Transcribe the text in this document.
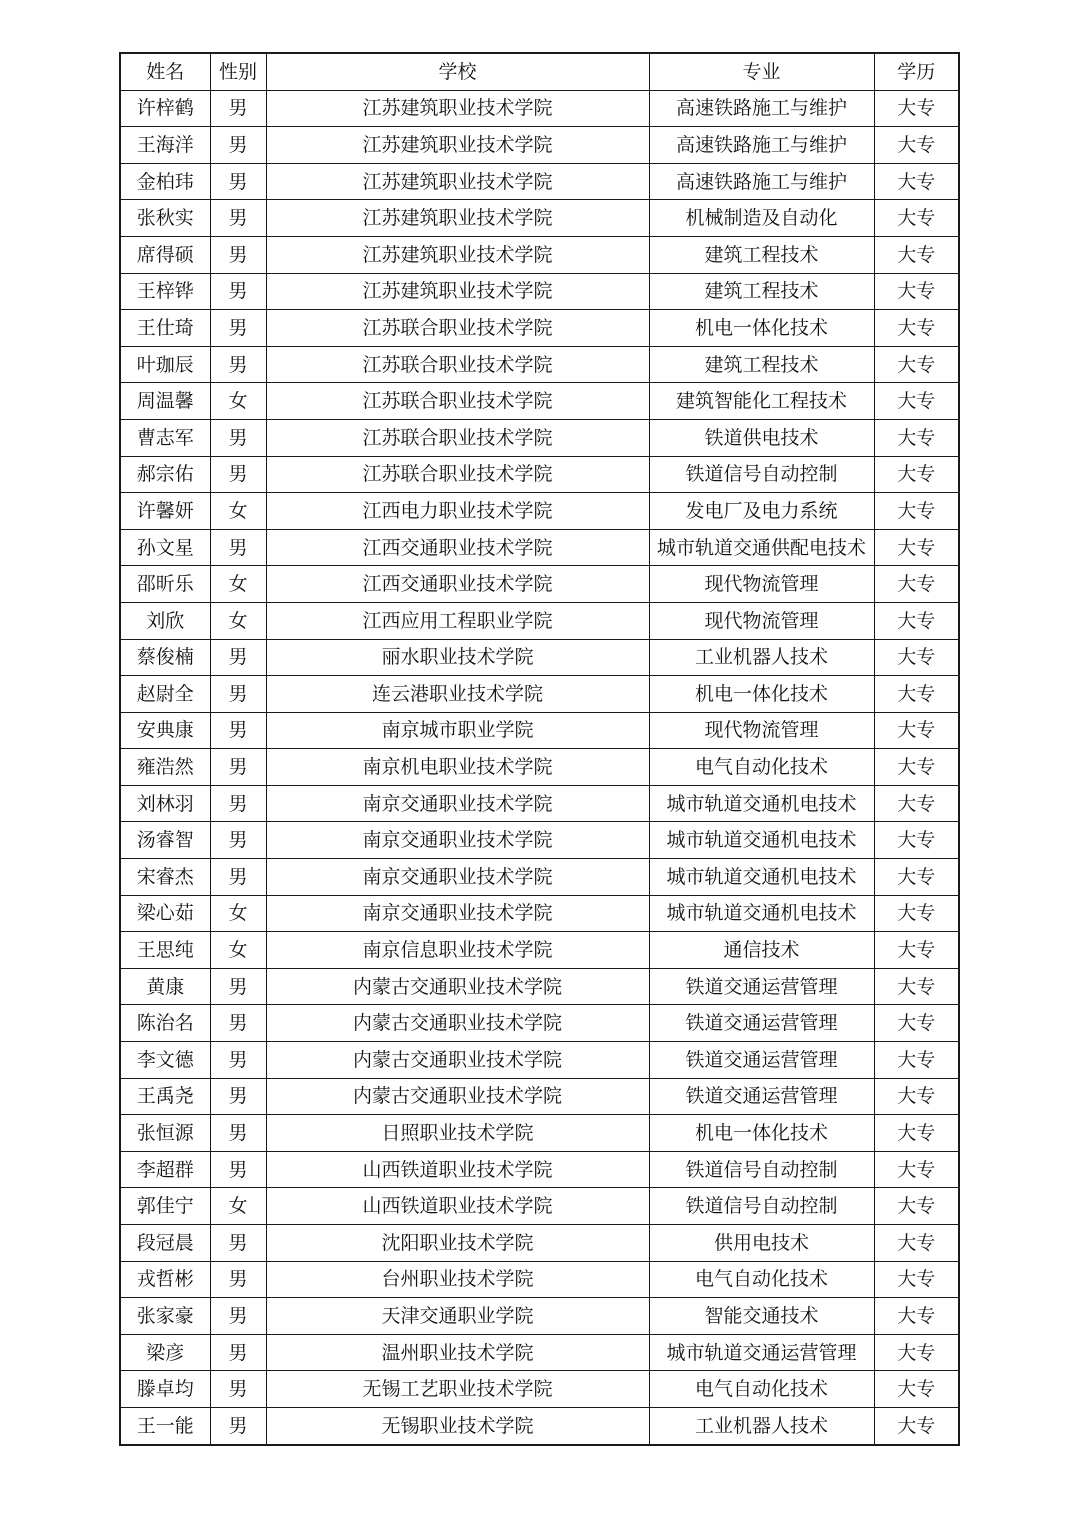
姓名	性别	学校	专业	学历
许梓鹤	男	江苏建筑职业技术学院	高速铁路施工与维护	大专
王海洋	男	江苏建筑职业技术学院	高速铁路施工与维护	大专
金柏玮	男	江苏建筑职业技术学院	高速铁路施工与维护	大专
张秋实	男	江苏建筑职业技术学院	机械制造及自动化	大专
席得硕	男	江苏建筑职业技术学院	建筑工程技术	大专
王梓铧	男	江苏建筑职业技术学院	建筑工程技术	大专
王仕琦	男	江苏联合职业技术学院	机电一体化技术	大专
叶珈辰	男	江苏联合职业技术学院	建筑工程技术	大专
周温馨	女	江苏联合职业技术学院	建筑智能化工程技术	大专
曹志军	男	江苏联合职业技术学院	铁道供电技术	大专
郝宗佑	男	江苏联合职业技术学院	铁道信号自动控制	大专
许馨妍	女	江西电力职业技术学院	发电厂及电力系统	大专
孙文星	男	江西交通职业技术学院	城市轨道交通供配电技术	大专
邵昕乐	女	江西交通职业技术学院	现代物流管理	大专
刘欣	女	江西应用工程职业学院	现代物流管理	大专
蔡俊楠	男	丽水职业技术学院	工业机器人技术	大专
赵尉全	男	连云港职业技术学院	机电一体化技术	大专
安典康	男	南京城市职业学院	现代物流管理	大专
雍浩然	男	南京机电职业技术学院	电气自动化技术	大专
刘林羽	男	南京交通职业技术学院	城市轨道交通机电技术	大专
汤睿智	男	南京交通职业技术学院	城市轨道交通机电技术	大专
宋睿杰	男	南京交通职业技术学院	城市轨道交通机电技术	大专
梁心茹	女	南京交通职业技术学院	城市轨道交通机电技术	大专
王思纯	女	南京信息职业技术学院	通信技术	大专
黄康	男	内蒙古交通职业技术学院	铁道交通运营管理	大专
陈治名	男	内蒙古交通职业技术学院	铁道交通运营管理	大专
李文德	男	内蒙古交通职业技术学院	铁道交通运营管理	大专
王禹尧	男	内蒙古交通职业技术学院	铁道交通运营管理	大专
张恒源	男	日照职业技术学院	机电一体化技术	大专
李超群	男	山西铁道职业技术学院	铁道信号自动控制	大专
郭佳宁	女	山西铁道职业技术学院	铁道信号自动控制	大专
段冠晨	男	沈阳职业技术学院	供用电技术	大专
戎哲彬	男	台州职业技术学院	电气自动化技术	大专
张家豪	男	天津交通职业学院	智能交通技术	大专
梁彦	男	温州职业技术学院	城市轨道交通运营管理	大专
滕卓均	男	无锡工艺职业技术学院	电气自动化技术	大专
王一能	男	无锡职业技术学院	工业机器人技术	大专
